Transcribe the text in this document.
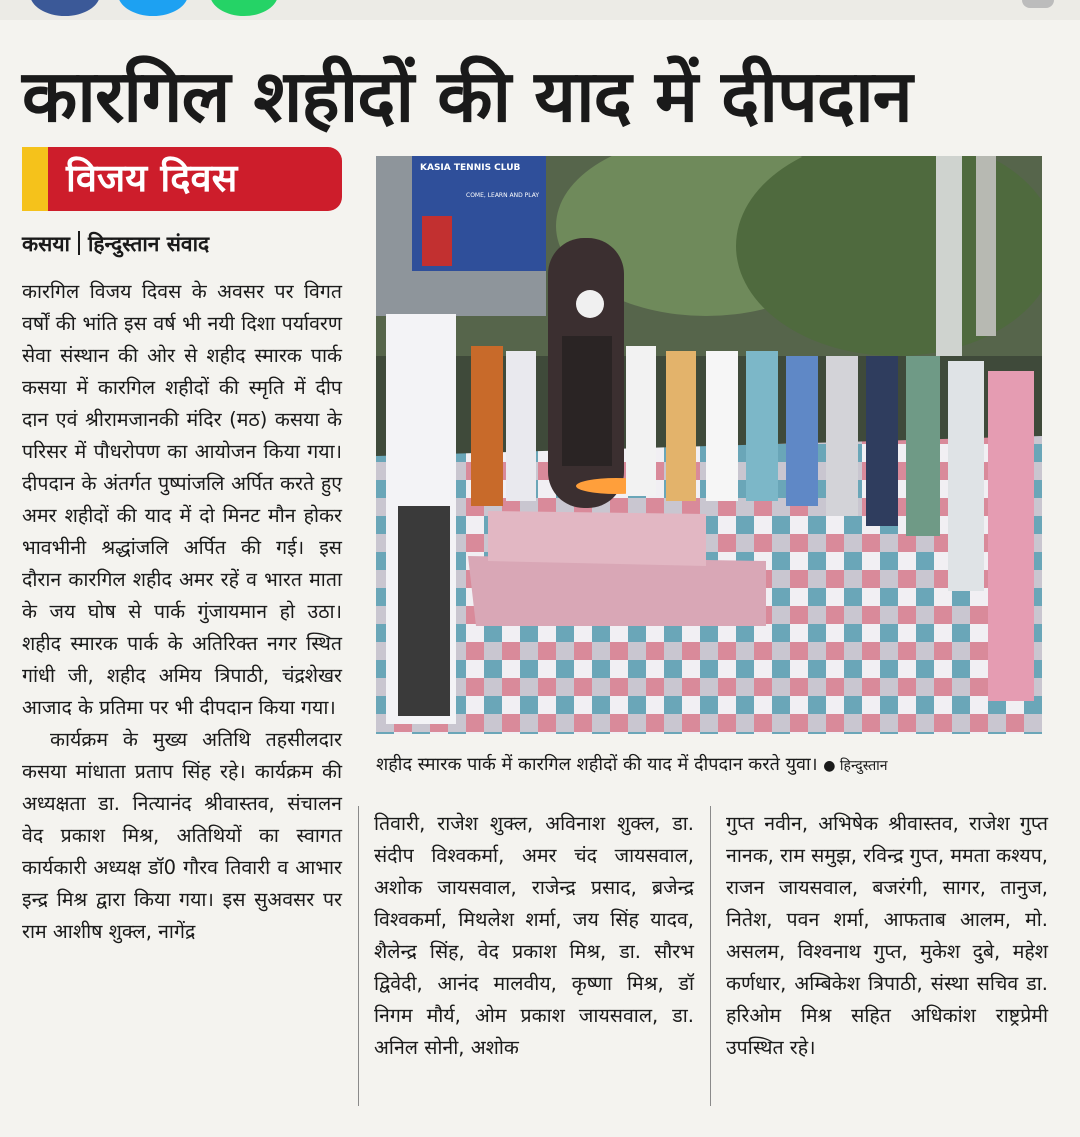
कारगिल शहीदों की याद में दीपदान
विजय दिवस
कसया हिन्दुस्तान संवाद

कारगिल विजय दिवस के अवसर पर विगत वर्षों की भांति इस वर्ष भी नयी दिशा पर्यावरण सेवा संस्थान की ओर से शहीद स्मारक पार्क कसया में कारगिल शहीदों की स्मृति में दीप दान एवं श्रीरामजानकी मंदिर (मठ) कसया के परिसर में पौधरोपण का आयोजन किया गया। दीपदान के अंतर्गत पुष्पांजलि अर्पित करते हुए अमर शहीदों की याद में दो मिनट मौन होकर भावभीनी श्रद्धांजलि अर्पित की गई। इस दौरान कारगिल शहीद अमर रहें व भारत माता के जय घोष से पार्क गुंजायमान हो उठा। शहीद स्मारक पार्क के अतिरिक्त नगर स्थित गांधी जी, शहीद अमिय त्रिपाठी, चंद्रशेखर आजाद के प्रतिमा पर भी दीपदान किया गया।

कार्यक्रम के मुख्य अतिथि तहसीलदार कसया मांधाता प्रताप सिंह रहे। कार्यक्रम की अध्यक्षता डा. नित्यानंद श्रीवास्तव, संचालन वेद प्रकाश मिश्र, अतिथियों का स्वागत कार्यकारी अध्यक्ष डॉ0 गौरव तिवारी व आभार इन्द्र मिश्र द्वारा किया गया। इस सुअवसर पर राम आशीष शुक्ल, नागेंद्र

KASIA TENNIS CLUB
COME, LEARN AND PLAY
शहीद स्मारक पार्क में कारगिल शहीदों की याद में दीपदान करते युवा। ● हिन्दुस्तान

तिवारी, राजेश शुक्ल, अविनाश शुक्ल, डा. संदीप विश्वकर्मा, अमर चंद जायसवाल, अशोक जायसवाल, राजेन्द्र प्रसाद, ब्रजेन्द्र विश्वकर्मा, मिथलेश शर्मा, जय सिंह यादव, शैलेन्द्र सिंह, वेद प्रकाश मिश्र, डा. सौरभ द्विवेदी, आनंद मालवीय, कृष्णा मिश्र, डॉ निगम मौर्य, ओम प्रकाश जायसवाल, डा. अनिल सोनी, अशोक

गुप्त नवीन, अभिषेक श्रीवास्तव, राजेश गुप्त नानक, राम समुझ, रविन्द्र गुप्त, ममता कश्यप, राजन जायसवाल, बजरंगी, सागर, तानुज, नितेश, पवन शर्मा, आफताब आलम, मो. असलम, विश्वनाथ गुप्त, मुकेश दुबे, महेश कर्णधार, अम्बिकेश त्रिपाठी, संस्था सचिव डा. हरिओम मिश्र सहित अधिकांश राष्ट्रप्रेमी उपस्थित रहे।
